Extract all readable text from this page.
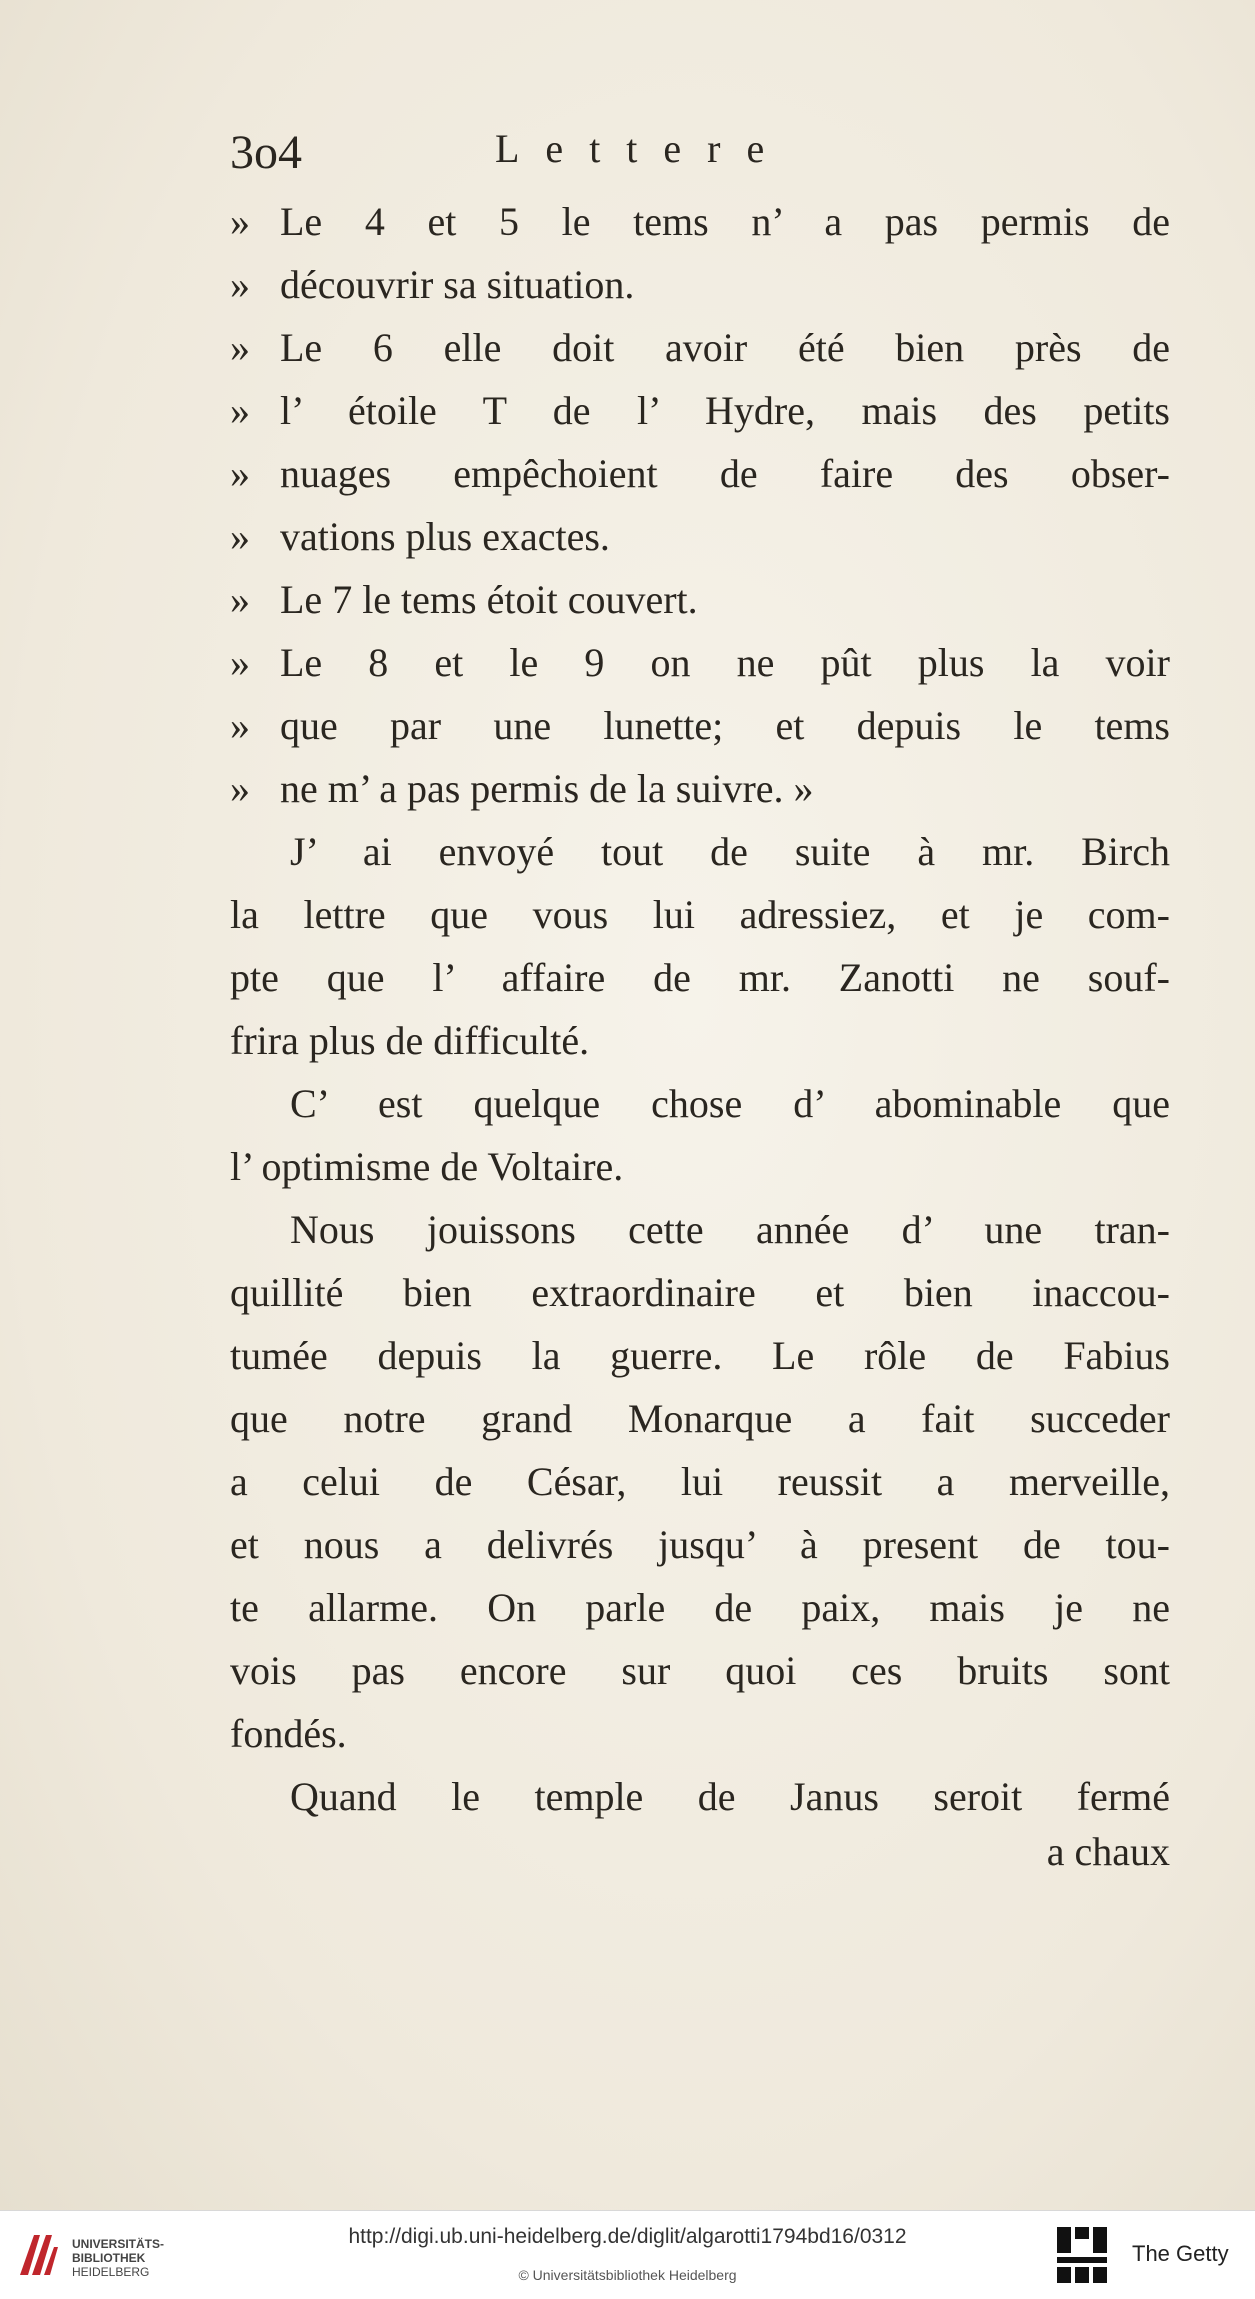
3o4	Lettere
» Le 4 et 5 le tems n’ a pas permis de
» découvrir sa situation.
» Le 6 elle doit avoir été bien près de
» l’ étoile T de l’ Hydre, mais des petits
» nuages empêchoient de faire des obser-
» vations plus exactes.
» Le 7 le tems étoit couvert.
» Le 8 et le 9 on ne pût plus la voir
» que par une lunette; et depuis le tems
» ne m’ a pas permis de la suivre. »
J’ ai envoyé tout de suite à mr. Birch
la lettre que vous lui adressiez, et je com-
pte que l’ affaire de mr. Zanotti ne souf-
frira plus de difficulté.
C’ est quelque chose d’ abominable que
l’ optimisme de Voltaire.
Nous jouissons cette année d’ une tran-
quillité bien extraordinaire et bien inaccou-
tumée depuis la guerre. Le rôle de Fabius
que notre grand Monarque a fait succeder
a celui de César, lui reussit a merveille,
et nous a delivrés jusqu’ à present de tou-
te allarme. On parle de paix, mais je ne
vois pas encore sur quoi ces bruits sont
fondés.
Quand le temple de Janus seroit fermé
a chaux
UNIVERSITÄTS-
BIBLIOTHEK
HEIDELBERG
http://digi.ub.uni-heidelberg.de/diglit/algarotti1794bd16/0312
© Universitätsbibliothek Heidelberg
The Getty
